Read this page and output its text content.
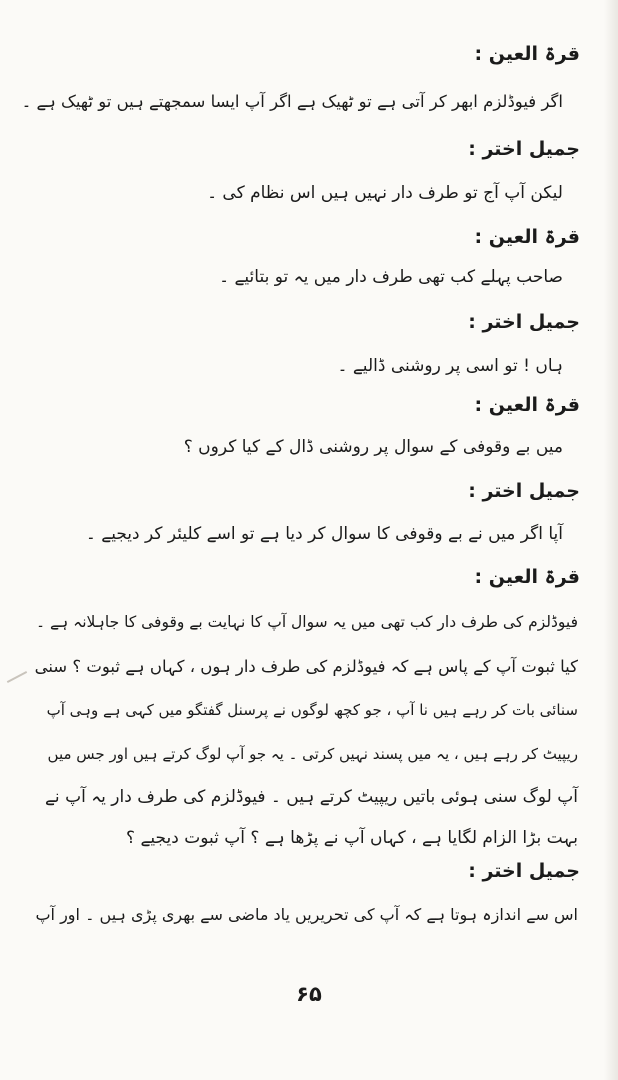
قرۃ العین :
اگر فیوڈلزم ابھر کر آتی ہے تو ٹھیک ہے اگر آپ ایسا سمجھتے ہیں تو ٹھیک ہے ۔
جمیل اختر :
لیکن آپ آج تو طرف دار نہیں ہیں اس نظام کی ۔
قرۃ العین :
صاحب پہلے کب تھی طرف دار میں یہ تو بتائیے ۔
جمیل اختر :
ہاں ! تو اسی پر روشنی ڈالیے ۔
قرۃ العین :
میں بے وقوفی کے سوال پر روشنی ڈال کے کیا کروں ؟
جمیل اختر :
آپا اگر میں نے بے وقوفی کا سوال کر دیا ہے تو اسے کلیئر کر دیجیے ۔
قرۃ العین :
فیوڈلزم کی طرف دار کب تھی میں یہ سوال آپ کا نہایت بے وقوفی کا جاہلانہ ہے ۔
کیا ثبوت آپ کے پاس ہے کہ فیوڈلزم کی طرف دار ہوں ، کہاں ہے ثبوت ؟ سنی
سنائی بات کر رہے ہیں نا آپ ، جو کچھ لوگوں نے پرسنل گفتگو میں کہی ہے وہی آپ
ریپیٹ کر رہے ہیں ، یہ میں پسند نہیں کرتی ۔ یہ جو آپ لوگ کرتے ہیں اور جس میں
آپ لوگ سنی ہوئی باتیں ریپیٹ کرتے ہیں ۔ فیوڈلزم کی طرف دار یہ آپ نے
بہت بڑا الزام لگایا ہے ، کہاں آپ نے پڑھا ہے ؟ آپ ثبوت دیجیے ؟
جمیل اختر :
اس سے اندازہ ہوتا ہے کہ آپ کی تحریریں یاد ماضی سے بھری پڑی ہیں ۔ اور آپ
۶۵
